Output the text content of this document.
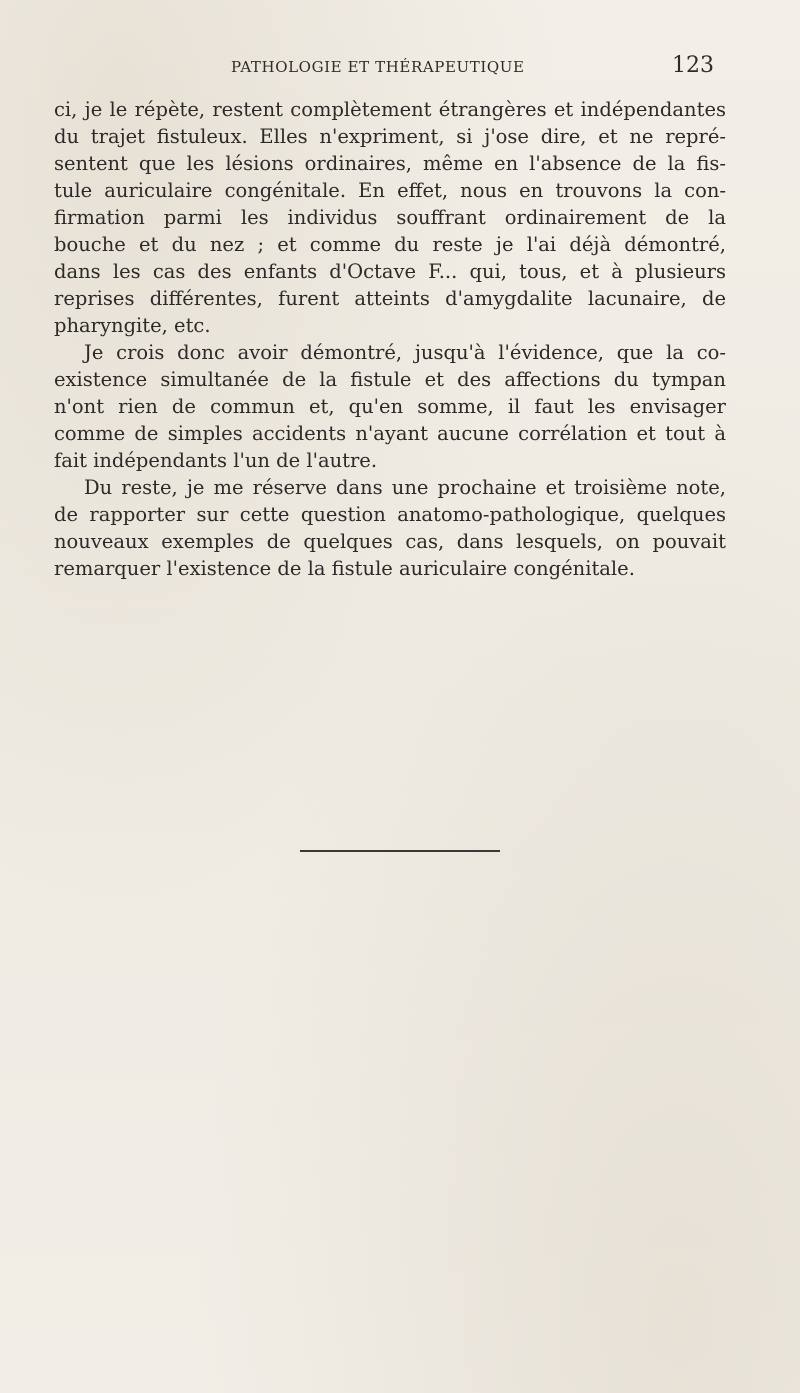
PATHOLOGIE ET THÉRAPEUTIQUE	123
ci, je le répète, restent complètement étrangères et indépendantes
du trajet fistuleux. Elles n'expriment, si j'ose dire, et ne repré-
sentent que les lésions ordinaires, même en l'absence de la fis-
tule auriculaire congénitale. En effet, nous en trouvons la con-
firmation parmi les individus souffrant ordinairement de la
bouche et du nez ; et comme du reste je l'ai déjà démontré,
dans les cas des enfants d'Octave F... qui, tous, et à plusieurs
reprises différentes, furent atteints d'amygdalite lacunaire, de
pharyngite, etc.
Je crois donc avoir démontré, jusqu'à l'évidence, que la co-
existence simultanée de la fistule et des affections du tympan
n'ont rien de commun et, qu'en somme, il faut les envisager
comme de simples accidents n'ayant aucune corrélation et tout à
fait indépendants l'un de l'autre.
Du reste, je me réserve dans une prochaine et troisième note,
de rapporter sur cette question anatomo-pathologique, quelques
nouveaux exemples de quelques cas, dans lesquels, on pouvait
remarquer l'existence de la fistule auriculaire congénitale.
